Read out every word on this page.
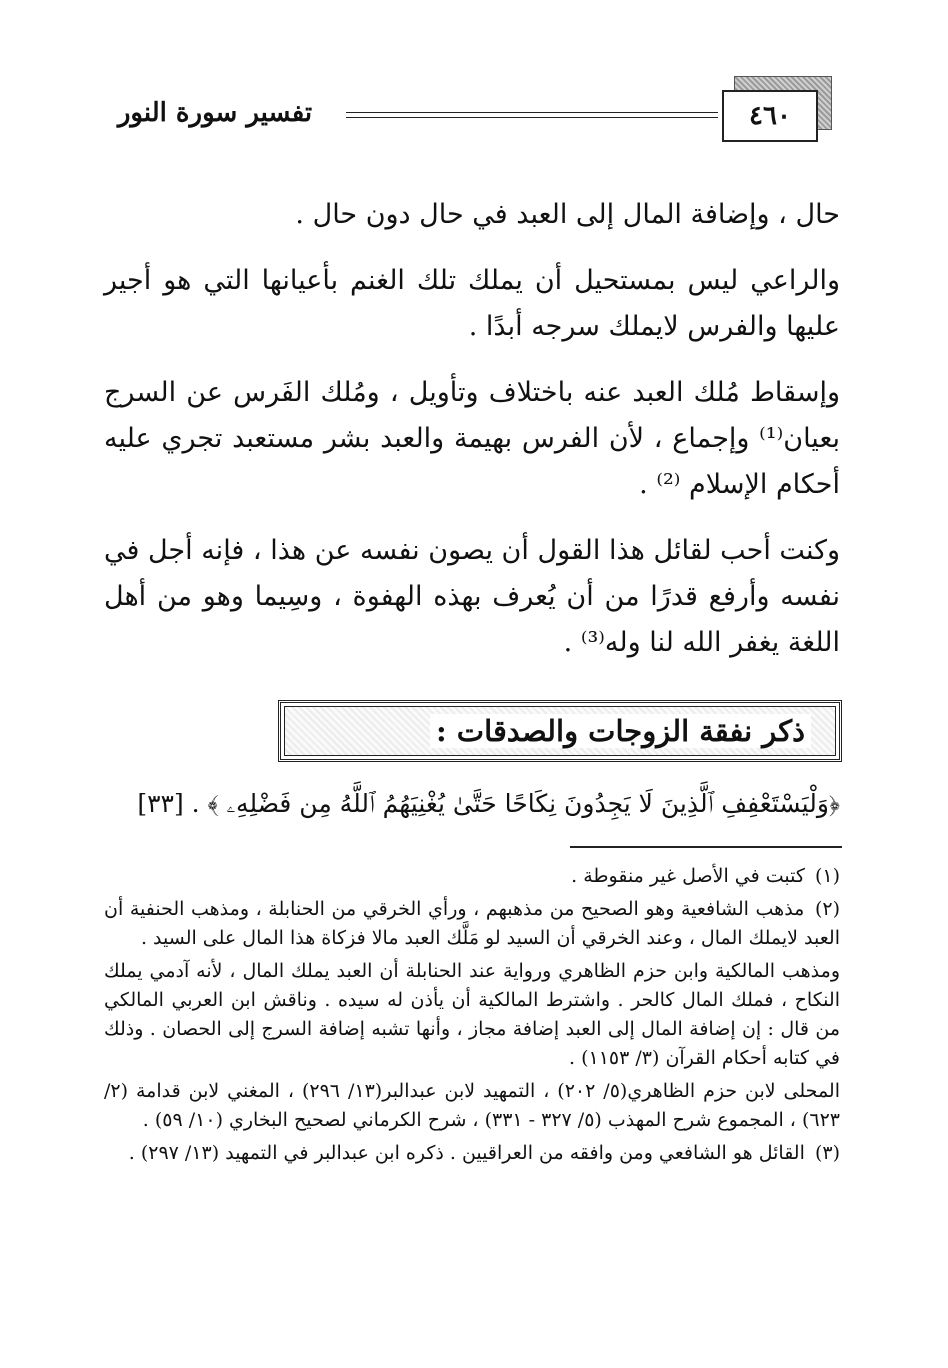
٤٦٠
تفسير سورة النور

حال ، وإضافة المال إلى العبد في حال دون حال .

والراعي ليس بمستحيل أن يملك تلك الغنم بأعيانها التي هو أجير عليها والفرس لايملك سرجه أبدًا .

وإسقاط مُلك العبد عنه باختلاف وتأويل ، ومُلك الفَرس عن السرج بعيان⁽¹⁾ وإجماع ، لأن الفرس بهيمة والعبد بشر مستعبد تجري عليه أحكام الإسلام ⁽²⁾ .

وكنت أحب لقائل هذا القول أن يصون نفسه عن هذا ، فإنه أجل في نفسه وأرفع قدرًا من أن يُعرف بهذه الهفوة ، وسِيما وهو من أهل اللغة يغفر الله لنا وله⁽³⁾ .

ذكر نفقة الزوجات والصدقات :
﴿وَلْيَسْتَعْفِفِ ٱلَّذِينَ لَا يَجِدُونَ نِكَاحًا حَتَّىٰ يُغْنِيَهُمُ ٱللَّهُ مِن فَضْلِهِۦ ﴾ . [٣٣]

(١) كتبت في الأصل غير منقوطة .

(٢) مذهب الشافعية وهو الصحيح من مذهبهم ، ورأي الخرقي من الحنابلة ، ومذهب الحنفية أن العبد لايملك المال ، وعند الخرقي أن السيد لو مَلَّك العبد مالا فزكاة هذا المال على السيد .

ومذهب المالكية وابن حزم الظاهري ورواية عند الحنابلة أن العبد يملك المال ، لأنه آدمي يملك النكاح ، فملك المال كالحر . واشترط المالكية أن يأذن له سيده . وناقش ابن العربي المالكي من قال : إن إضافة المال إلى العبد إضافة مجاز ، وأنها تشبه إضافة السرج إلى الحصان . وذلك في كتابه أحكام القرآن (٣/ ١١٥٣) .

المحلى لابن حزم الظاهري(٥/ ٢٠٢) ، التمهيد لابن عبدالبر(١٣/ ٢٩٦) ، المغني لابن قدامة (٢/ ٦٢٣) ، المجموع شرح المهذب (٥/ ٣٢٧ - ٣٣١) ، شرح الكرماني لصحيح البخاري (١٠/ ٥٩) .

(٣) القائل هو الشافعي ومن وافقه من العراقيين . ذكره ابن عبدالبر في التمهيد (١٣/ ٢٩٧) .
